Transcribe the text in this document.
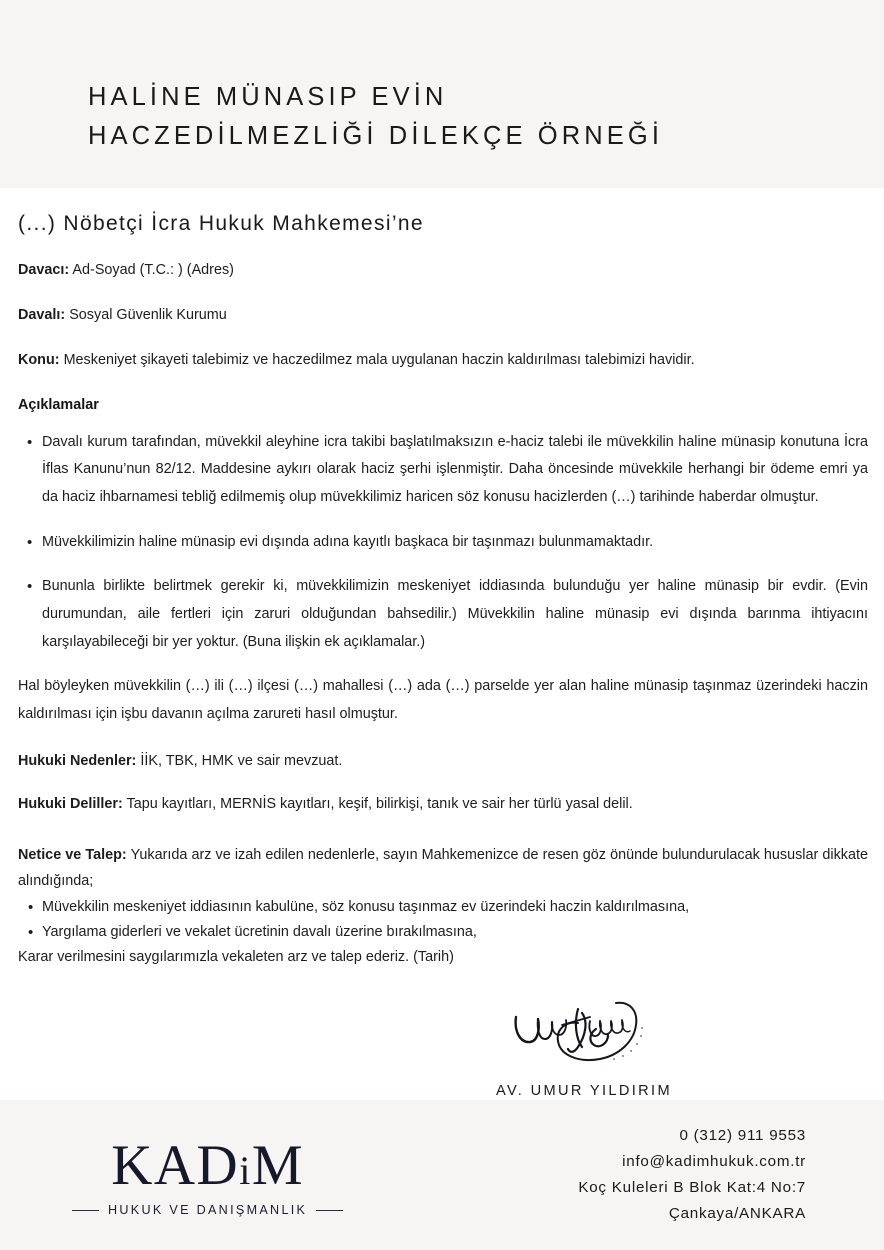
HALİNE MÜNASIP EVİN
HACZEDİLMEZLİĞİ DİLEKÇE ÖRNEĞİ
(...) Nöbetçi İcra Hukuk Mahkemesi’ne
Davacı: Ad-Soyad (T.C.: ) (Adres)
Davalı: Sosyal Güvenlik Kurumu
Konu: Meskeniyet şikayeti talebimiz ve haczedilmez mala uygulanan haczin kaldırılması talebimizi havidir.
Açıklamalar
• Davalı kurum tarafından, müvekkil aleyhine icra takibi başlatılmaksızın e-haciz talebi ile müvekkilin haline münasip konutuna İcra İflas Kanunu’nun 82/12. Maddesine aykırı olarak haciz şerhi işlenmiştir. Daha öncesinde müvekkile herhangi bir ödeme emri ya da haciz ihbarnamesi tebliğ edilmemiş olup müvekkilimiz haricen söz konusu hacizlerden (…) tarihinde haberdar olmuştur.
• Müvekkilimizin haline münasip evi dışında adına kayıtlı başkaca bir taşınmazı bulunmamaktadır.
• Bununla birlikte belirtmek gerekir ki, müvekkilimizin meskeniyet iddiasında bulunduğu yer haline münasip bir evdir. (Evin durumundan, aile fertleri için zaruri olduğundan bahsedilir.) Müvekkilin haline münasip evi dışında barınma ihtiyacını karşılayabileceği bir yer yoktur. (Buna ilişkin ek açıklamalar.)
Hal böyleyken müvekkilin (…) ili (…) ilçesi (…) mahallesi (…) ada (…) parselde yer alan haline münasip taşınmaz üzerindeki haczin kaldırılması için işbu davanın açılma zarureti hasıl olmuştur.
Hukuki Nedenler: İİK, TBK, HMK ve sair mevzuat.
Hukuki Deliller: Tapu kayıtları, MERNİS kayıtları, keşif, bilirkişi, tanık ve sair her türlü yasal delil.
Netice ve Talep: Yukarıda arz ve izah edilen nedenlerle, sayın Mahkemenizce de resen göz önünde bulundurulacak hususlar dikkate alındığında;
• Müvekkilin meskeniyet iddiasının kabulüne, söz konusu taşınmaz ev üzerindeki haczin kaldırılmasına,
• Yargılama giderleri ve vekalet ücretinin davalı üzerine bırakılmasına,
Karar verilmesini saygılarımızla vekaleten arz ve talep ederiz. (Tarih)
AV. UMUR YILDIRIM
KADiM
HUKUK VE DANIŞMANLIK
0 (312) 911 9553
info@kadimhukuk.com.tr
Koç Kuleleri B Blok Kat:4 No:7
Çankaya/ANKARA
